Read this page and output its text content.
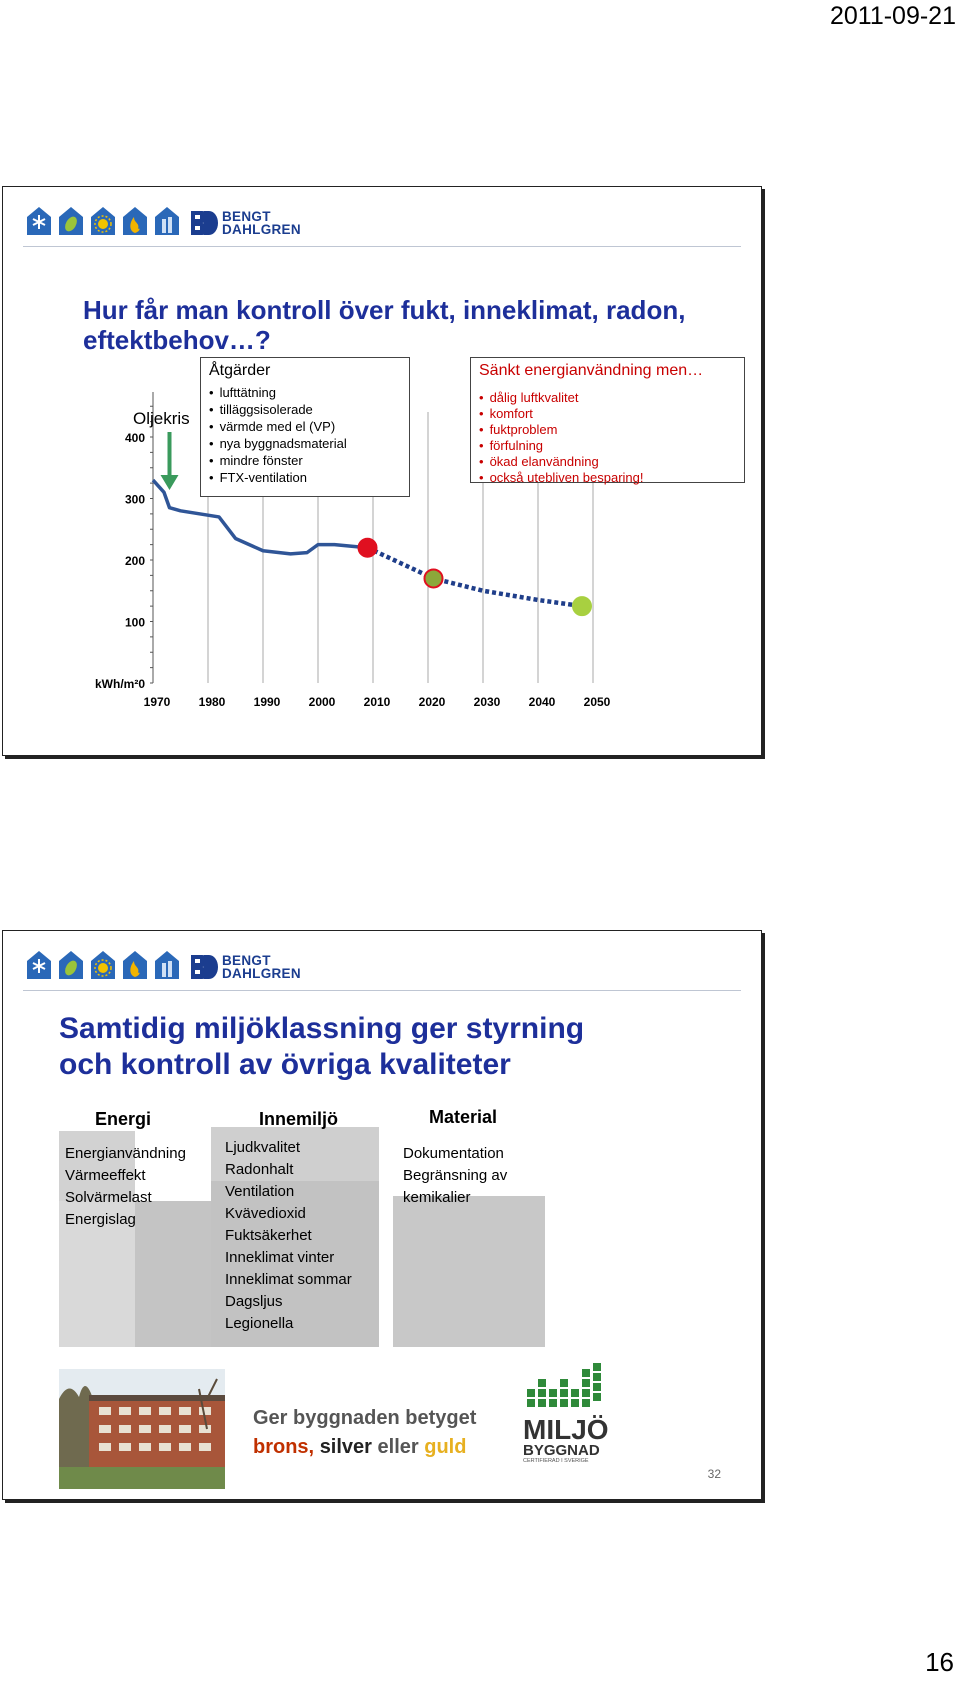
2011-09-21
BENGT
DAHLGREN
Hur får man kontroll över fukt, inneklimat, radon,
eftektbehov…?
0
100
200
300
400
kWh/m²
1970 1980 1990 2000 2010 2020 2030 2040 2050
Oljekris
Åtgärder
• lufttätning
• tilläggsisolerade
• värmde med el (VP)
• nya byggnadsmaterial
• mindre fönster
• FTX-ventilation
Sänkt energianvändning men…
• dålig luftkvalitet
• komfort
• fuktproblem
• förfulning
• ökad elanvändning
• också utebliven besparing!
BENGT
DAHLGREN
Samtidig miljöklassning ger styrning
och kontroll av övriga kvaliteter
Energi	Innemiljö	Material
Energianvändning
Värmeeffekt
Solvärmelast
Energislag
Ljudkvalitet
Radonhalt
Ventilation
Kvävedioxid
Fuktsäkerhet
Inneklimat vinter
Inneklimat sommar
Dagsljus
Legionella
Dokumentation
Begränsning av
kemikalier
Ger byggnaden betyget
brons, silver eller guld
MILJÖ
BYGGNAD
CERTIFIERAD I SVERIGE
32
16
